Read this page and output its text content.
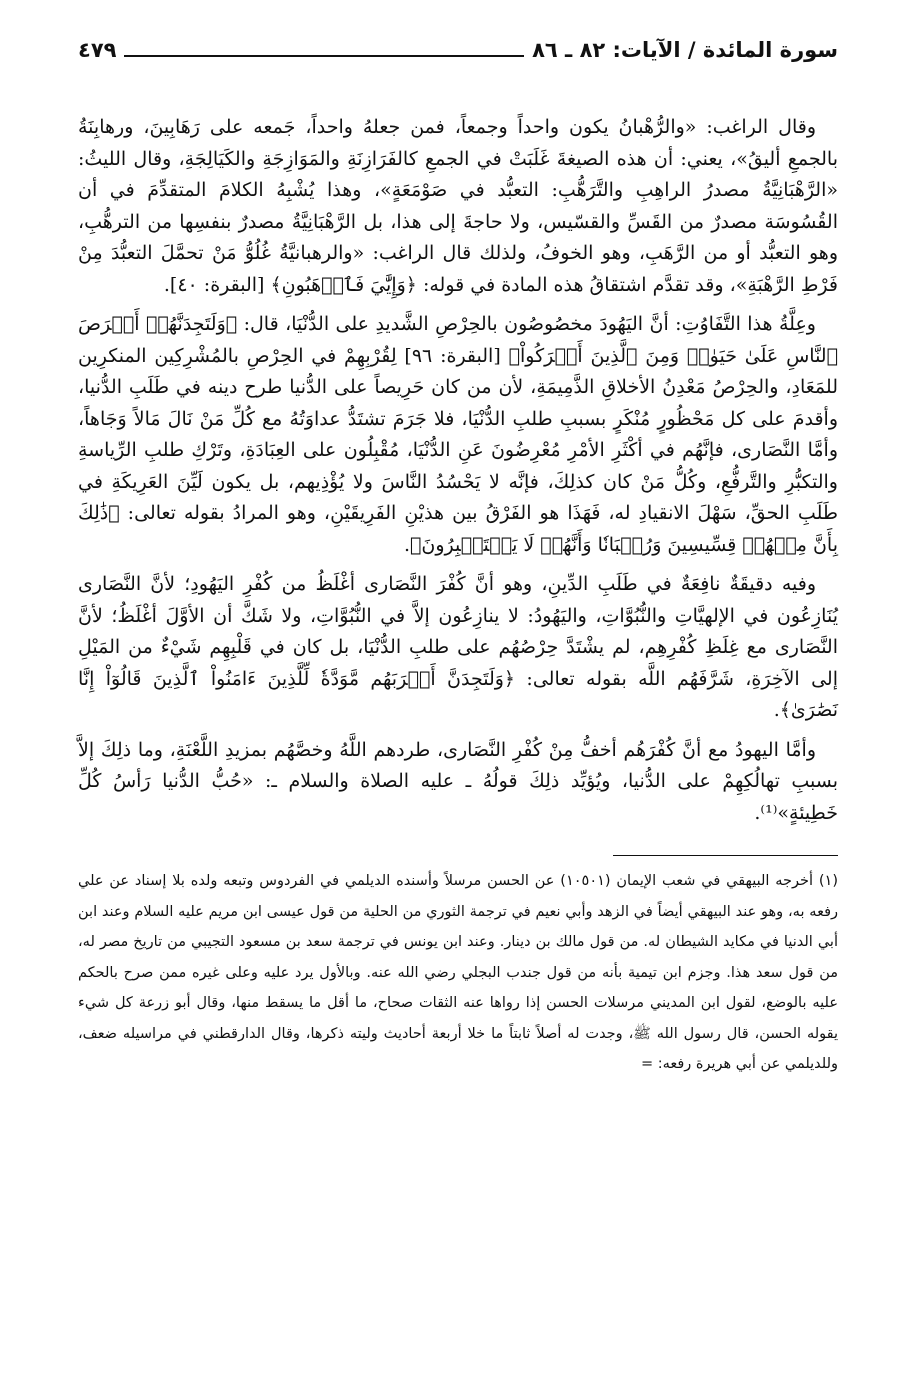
سورة المائدة / الآيات: ٨٢ ـ ٨٦
٤٧٩

وقال الراغب: «والرُّهْبانُ يكون واحداً وجمعاً، فمن جعلهُ واحداً، جَمعه على رَهَابِينَ، ورهابِنَةُ بالجمعِ أليقُ»، يعني: أن هذه الصيغةَ غَلَبَتْ في الجمعِ كالفَرَازِنَةِ والمَوَازِجَةِ والكَيَالِجَةِ، وقال الليثُ: «الرَّهْبَانِيَّةُ مصدرُ الراهِبِ والتَّرَهُّبِ: التعبُّد في صَوْمَعَةٍ»، وهذا يُشْبِهُ الكلامَ المتقدِّمَ في أن القُسُوسَة مصدرٌ من القَسِّ والقسّيس، ولا حاجةَ إلى هذا، بل الرَّهْبَانِيَّةُ مصدرٌ بنفسِها من الترهُّبِ، وهو التعبُّد أو من الرَّهَبِ، وهو الخوفُ، ولذلك قال الراغب: «والرهبانيَّةُ غُلُوُّ مَنْ تحمَّلَ التعبُّدَ مِنْ فَرْطِ الرَّهْبَةِ»، وقد تقدَّم اشتقاقُ هذه المادة في قوله: ﴿وَإِيَّٰيَ فَٱرۡهَبُونِ﴾ [البقرة: ٤٠].

وعِلَّةُ هذا التَّفَاوُتِ: أنَّ اليَهُودَ مخصُوصُون بالحِرْصِ الشَّديدِ على الدُّنْيَا، قال: ﴿وَلَتَجِدَنَّهُمۡ أَحۡرَصَ ٱلنَّاسِ عَلَىٰ حَيَوٰةٖ وَمِنَ ٱلَّذِينَ أَشۡرَكُواْ﴾ [البقرة: ٩٦] لِقُرْبِهِمْ في الحِرْصِ بالمُشْرِكِين المنكرِين للمَعَادِ، والحِرْصُ مَعْدِنُ الأخلاقِ الذَّمِيمَةِ، لأن من كان حَرِيصاً على الدُّنيا طرح دينه في طَلَبِ الدُّنيا، وأقدمَ على كل مَحْظُورٍ مُنْكَرٍ بسببِ طلبِ الدُّنْيَا، فلا جَرَمَ تشتَدُّ عداوَتُهُ مع كُلِّ مَنْ نَالَ مَالاً وَجَاهاً، وأمَّا النَّصَارى، فإنَّهُم في أكْثَرِ الأمْرِ مُعْرِضُونَ عَنِ الدُّنْيَا، مُقْبِلُون على العِبَادَةِ، وتَرْكِ طلبِ الرِّياسةِ والتكبُّرِ والتَّرفُّعِ، وكُلُّ مَنْ كان كذلِكَ، فإنَّه لا يَحْسُدُ النَّاسَ ولا يُؤْذِيهم، بل يكون لَيِّنَ العَرِيكَةِ في طَلَبِ الحقِّ، سَهْلَ الانقيادِ له، فَهَذَا هو الفَرْقُ بين هذيْنِ الفَرِيقَيْنِ، وهو المرادُ بقوله تعالى: ﴿ذَٰلِكَ بِأَنَّ مِنۡهُمۡ قِسِّيسِينَ وَرُهۡبَانٗا وَأَنَّهُمۡ لَا يَسۡتَكۡبِرُونَ﴾.

وفيه دقيقَةٌ نافِعَةٌ في طَلَبِ الدِّينِ، وهو أنَّ كُفْرَ النَّصَارى أغْلَظُ من كُفْرِ اليَهُودِ؛ لأنَّ النَّصَارى يُنَازِعُون في الإلهيَّاتِ والنُّبُوَّاتِ، واليَهُودُ: لا ينازِعُون إلاَّ في النُّبُوَّاتِ، ولا شَكَّ أن الأوَّلَ أغْلَظُ؛ لأنَّ النَّصَارى مع غِلَظِ كُفْرِهِم، لم يشْتَدَّ حِرْصُهُم على طلبِ الدُّنْيَا، بل كان في قَلْبِهِم شَيْءٌ من المَيْلِ إلى الآخِرَةِ، شَرَّفَهُم اللَّه بقوله تعالى: ﴿وَلَتَجِدَنَّ أَقۡرَبَهُم مَّوَدَّةٗ لِّلَّذِينَ ءَامَنُواْ ٱلَّذِينَ قَالُوٓاْ إِنَّا نَصَٰرَىٰ﴾.

وأمَّا اليهودُ مع أنَّ كُفْرَهُم أخفُّ مِنْ كُفْرِ النَّصَارى، طردهم اللَّهُ وخصَّهُم بمزيدِ اللَّعْنَةِ، وما ذلِكَ إلاَّ بسببِ تهالُكِهِمْ على الدُّنيا، ويُؤيِّد ذلِكَ قولُهُ ـ عليه الصلاة والسلام ـ: «حُبُّ الدُّنيا رَأسُ كُلِّ خَطِيئةٍ»⁽¹⁾.

(١) أخرجه البيهقي في شعب الإيمان (١٠٥٠١) عن الحسن مرسلاً وأسنده الديلمي في الفردوس وتبعه ولده بلا إسناد عن علي رفعه به، وهو عند البيهقي أيضاً في الزهد وأبي نعيم في ترجمة الثوري من الحلية من قول عيسى ابن مريم عليه السلام وعند ابن أبي الدنيا في مكايد الشيطان له. من قول مالك بن دينار. وعند ابن يونس في ترجمة سعد بن مسعود التجيبي من تاريخ مصر له، من قول سعد هذا. وجزم ابن تيمية بأنه من قول جندب البجلي رضي الله عنه. وبالأول يرد عليه وعلى غيره ممن صرح بالحكم عليه بالوضع، لقول ابن المديني مرسلات الحسن إذا رواها عنه الثقات صحاح، ما أقل ما يسقط منها، وقال أبو زرعة كل شيء يقوله الحسن، قال رسول الله ﷺ، وجدت له أصلاً ثابتاً ما خلا أربعة أحاديث وليته ذكرها، وقال الدارقطني في مراسيله ضعف، وللديلمي عن أبي هريرة رفعه: =
